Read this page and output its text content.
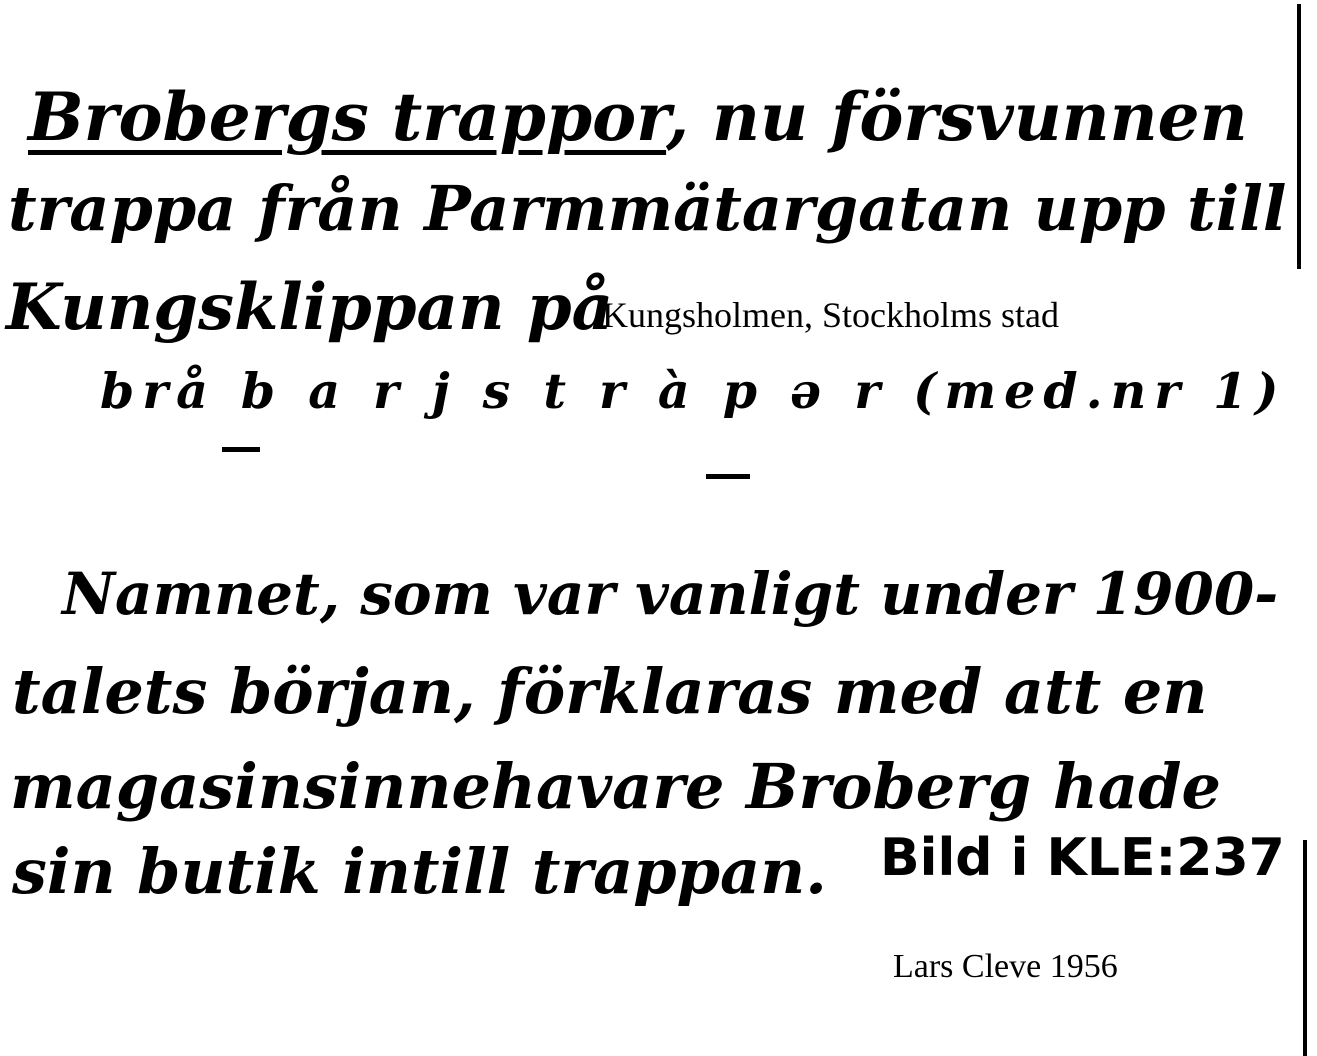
Brobergs trappor, nu försvunnen
trappa från Parmmätargatan upp till
Kungsklippan på
Kungsholmen, Stockholms stad
brå b a r j s t r à p ə r (med.nr 1)
Namnet, som var vanligt under 1900-
talets början, förklaras med att en
magasinsinnehavare Broberg hade
sin butik intill trappan. Bild i KLE:237
Lars Cleve 1956
